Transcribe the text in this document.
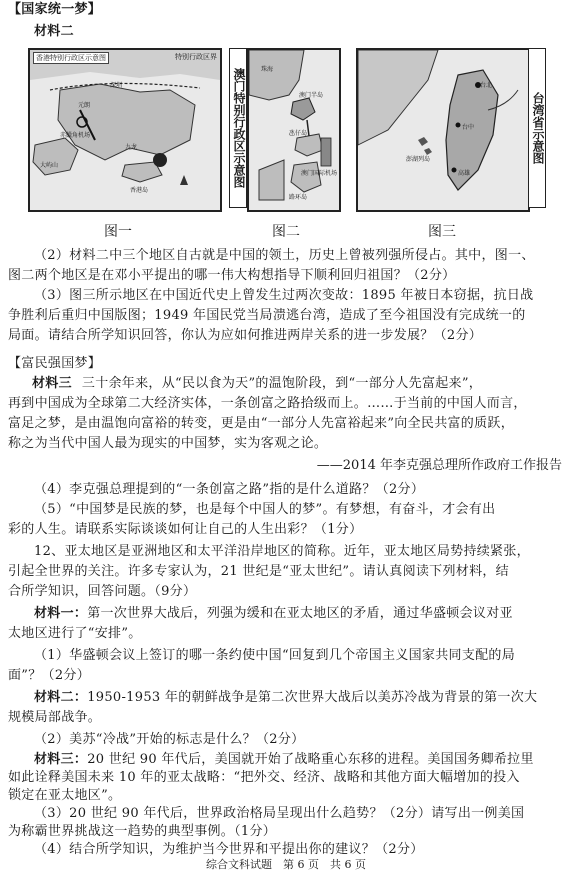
【国家统一梦】
材料二
香港特别行政区示意图	特别行政区界
深圳
元朗
大屿山
九龙
香港岛
赤鱲角机场	澳门特别行政区示意图	珠海
澳门半岛
氹仔岛
路环岛
澳门国际机场
台北
台中
高雄
澎湖列岛	台湾省示意图
图一	图二	图三
（2）材料二中三个地区自古就是中国的领土，历史上曾被列强所侵占。其中，图一、
图二两个地区是在邓小平提出的哪一伟大构想指导下顺利回归祖国？（2分）
（3）图三所示地区在中国近代史上曾发生过两次变故：1895 年被日本窃据，抗日战
争胜利后重归中国版图；1949 年国民党当局溃逃台湾，造成了至今祖国没有完成统一的
局面。请结合所学知识回答，你认为应如何推进两岸关系的进一步发展？（2分）
【富民强国梦】
材料三 三十余年来，从“民以食为天”的温饱阶段，到“一部分人先富起来”，
再到中国成为全球第二大经济实体，一条创富之路拾级而上。……于当前的中国人而言，
富足之梦，是由温饱向富裕的转变，更是由“一部分人先富裕起来”向全民共富的质跃，
称之为当代中国人最为现实的中国梦，实为客观之论。
——2014 年李克强总理所作政府工作报告
（4）李克强总理提到的“一条创富之路”指的是什么道路？（2分）
（5）“中国梦是民族的梦，也是每个中国人的梦”。有梦想，有奋斗，才会有出
彩的人生。请联系实际谈谈如何让自己的人生出彩？（1分）
12、亚太地区是亚洲地区和太平洋沿岸地区的简称。近年，亚太地区局势持续紧张，
引起全世界的关注。许多专家认为，21 世纪是“亚太世纪”。请认真阅读下列材料，结
合所学知识，回答问题。（9分）
材料一：第一次世界大战后，列强为缓和在亚太地区的矛盾，通过华盛顿会议对亚
太地区进行了“安排”。
（1）华盛顿会议上签订的哪一条约使中国“回复到几个帝国主义国家共同支配的局
面”？（2分）
材料二：1950-1953 年的朝鲜战争是第二次世界大战后以美苏冷战为背景的第一次大
规模局部战争。
（2）美苏“冷战”开始的标志是什么？（2分）
材料三：20 世纪 90 年代后，美国就开始了战略重心东移的进程。美国国务卿希拉里
如此诠释美国未来 10 年的亚太战略：“把外交、经济、战略和其他方面大幅增加的投入
锁定在亚太地区”。
（3）20 世纪 90 年代后，世界政治格局呈现出什么趋势？（2分）请写出一例美国
为称霸世界挑战这一趋势的典型事例。（1分）
综合文科试题　第 6 页　共 6 页
（4）结合所学知识，为维护当今世界和平提出你的建议？（2分）
